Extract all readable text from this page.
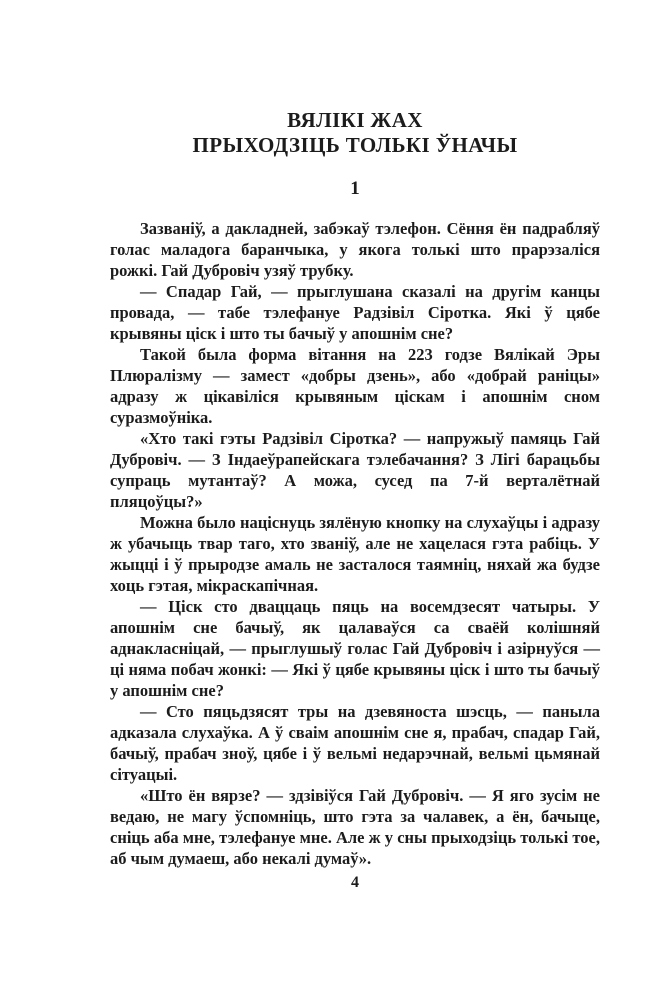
ВЯЛІКІ ЖАХ
ПРЫХОДЗІЦЬ ТОЛЬКІ ЎНАЧЫ
1

Зазваніў, а дакладней, забэкаў тэлефон. Сёння ён падрабляў голас маладога баранчыка, у якога толькі што прарэзаліся рожкі. Гай Дубровіч узяў трубку.

— Спадар Гай, — прыглушана сказалі на другім канцы провада, — табе тэлефануе Радзівіл Сіротка. Які ў цябе крывяны ціск і што ты бачыў у апошнім сне?

Такой была форма вітання на 223 годзе Вялікай Эры Плюралізму — замест «добры дзень», або «добрай раніцы» адразу ж цікавіліся крывяным ціскам і апошнім сном суразмоўніка.

«Хто такі гэты Радзівіл Сіротка? — напружыў памяць Гай Дубровіч. — З Індаеўрапейскага тэлебачання? З Лігі барацьбы супраць мутантаў? А можа, сусед па 7-й верталётнай пляцоўцы?»

Можна было націснуць зялёную кнопку на слухаўцы і адразу ж убачыць твар таго, хто званіў, але не хацелася гэта рабіць. У жыцці і ў прыродзе амаль не засталося таямніц, няхай жа будзе хоць гэтая, мікраскапічная.

— Ціск сто дваццаць пяць на восемдзесят чатыры. У апошнім сне бачыў, як цалаваўся са сваёй колішняй аднакласніцай, — прыглушыў голас Гай Дубровіч і азірнуўся — ці няма побач жонкі: — Які ў цябе крывяны ціск і што ты бачыў у апошнім сне?

— Сто пяцьдзясят тры на дзевяноста шэсць, — паныла адказала слухаўка. А ў сваім апошнім сне я, прабач, спадар Гай, бачыў, прабач зноў, цябе і ў вельмі недарэчнай, вельмі цьмянай сітуацыі.

«Што ён вярзе? — здзівіўся Гай Дубровіч. — Я яго зусім не ведаю, не магу ўспомніць, што гэта за чалавек, а ён, бачыце, сніць аба мне, тэлефануе мне. Але ж у сны прыходзіць толькі тое, аб чым думаеш, або некалі думаў».

4
